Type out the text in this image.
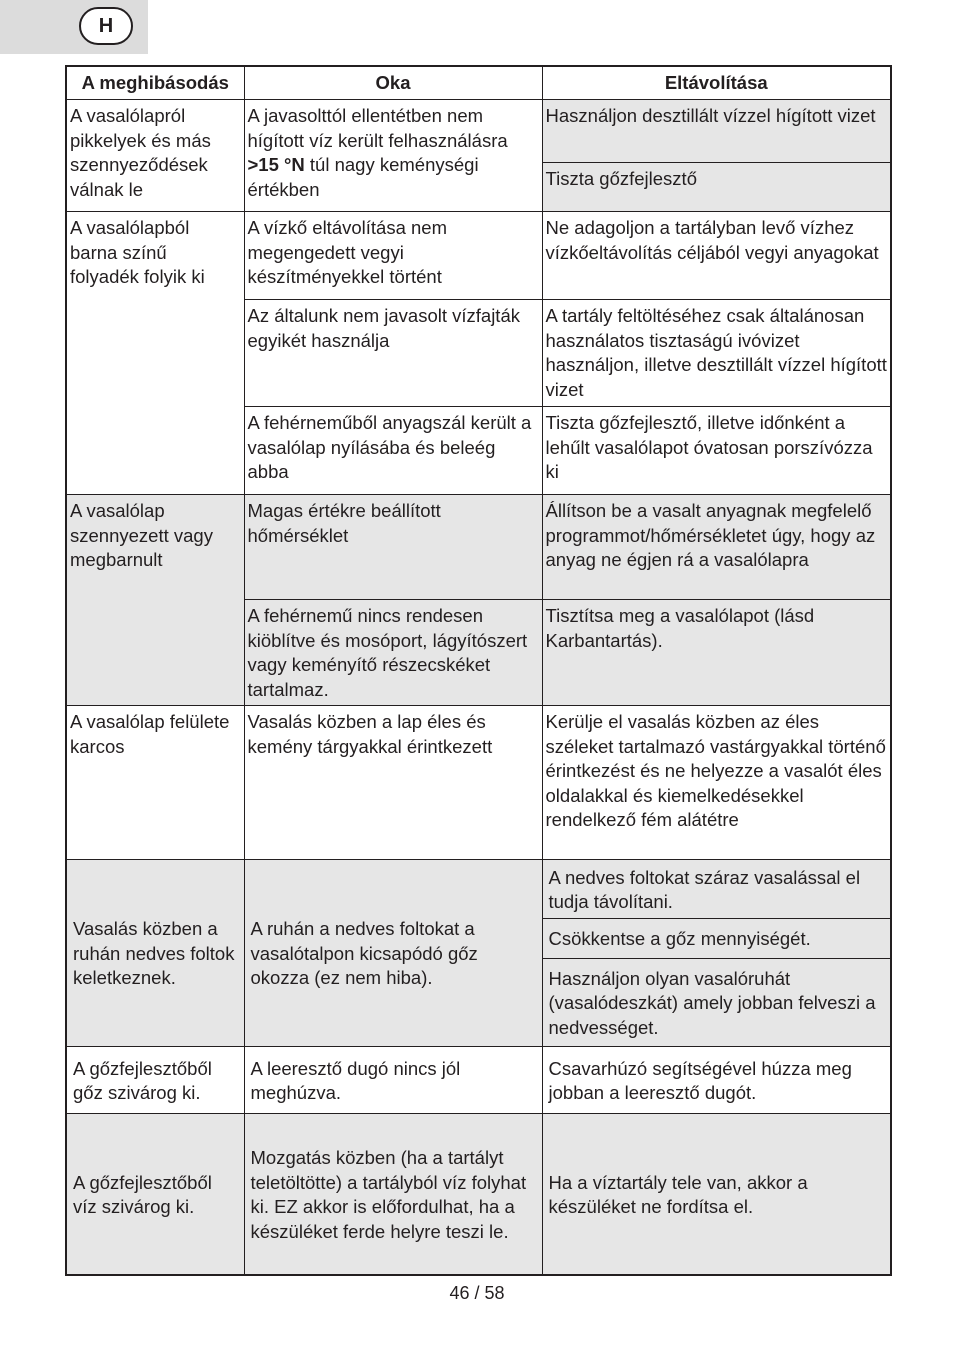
H
A meghibásodás	Oka	Eltávolítása
A vasalólapról pikkelyek és más szennyeződések válnak le	A javasolttól ellentétben nem hígított víz került felhasználásra >15 °N túl nagy keménységi értékben	Használjon desztillált vízzel hígított vizet
		Tiszta gőzfejlesztő
A vasalólapból barna színű folyadék folyik ki	A vízkő eltávolítása nem megengedett vegyi készítményekkel történt	Ne adagoljon a tartályban levő vízhez vízkőeltávolítás céljából vegyi anyagokat
	Az általunk nem javasolt vízfajták egyikét használja	A tartály feltöltéséhez csak általánosan használatos tisztaságú ivóvizet használjon, illetve desztillált vízzel hígított vizet
	A fehérneműből anyagszál került a vasalólap nyílásába és beleég abba	Tiszta gőzfejlesztő, illetve időnként a lehűlt vasalólapot óvatosan porszívózza ki
A vasalólap szennyezett vagy megbarnult	Magas értékre beállított hőmérséklet	Állítson be a vasalt anyagnak megfelelő programmot/hőmérsékletet úgy, hogy az anyag ne égjen rá a vasalólapra
	A fehérnemű nincs rendesen kiöblítve és mosóport, lágyítószert vagy keményítő részecskéket tartalmaz.	Tisztítsa meg a vasalólapot (lásd Karbantartás).
A vasalólap felülete karcos	Vasalás közben a lap éles és kemény tárgyakkal érintkezett	Kerülje el vasalás közben az éles széleket tartalmazó vastárgyakkal történő érintkezést és ne helyezze a vasalót éles oldalakkal és kiemelkedésekkel rendelkező fém alátétre
Vasalás közben a ruhán nedves foltok keletkeznek.	A ruhán a nedves foltokat a vasalótalpon kicsapódó gőz okozza (ez nem hiba).	A nedves foltokat száraz vasalással el tudja távolítani.
		Csökkentse a gőz mennyiségét.
		Használjon olyan vasalóruhát (vasalódeszkát) amely jobban felveszi a nedvességet.
A gőzfejlesztőből gőz szivárog ki.	A leeresztő dugó nincs jól meghúzva.	Csavarhúzó segítségével húzza meg jobban a leeresztő dugót.
A gőzfejlesztőből víz szivárog ki.	Mozgatás közben (ha a tartályt teletöltötte) a tartályból víz folyhat ki. EZ akkor is előfordulhat, ha a készüléket ferde helyre teszi le.	Ha a víztartály tele van, akkor a készüléket ne fordítsa el.
46 / 58
